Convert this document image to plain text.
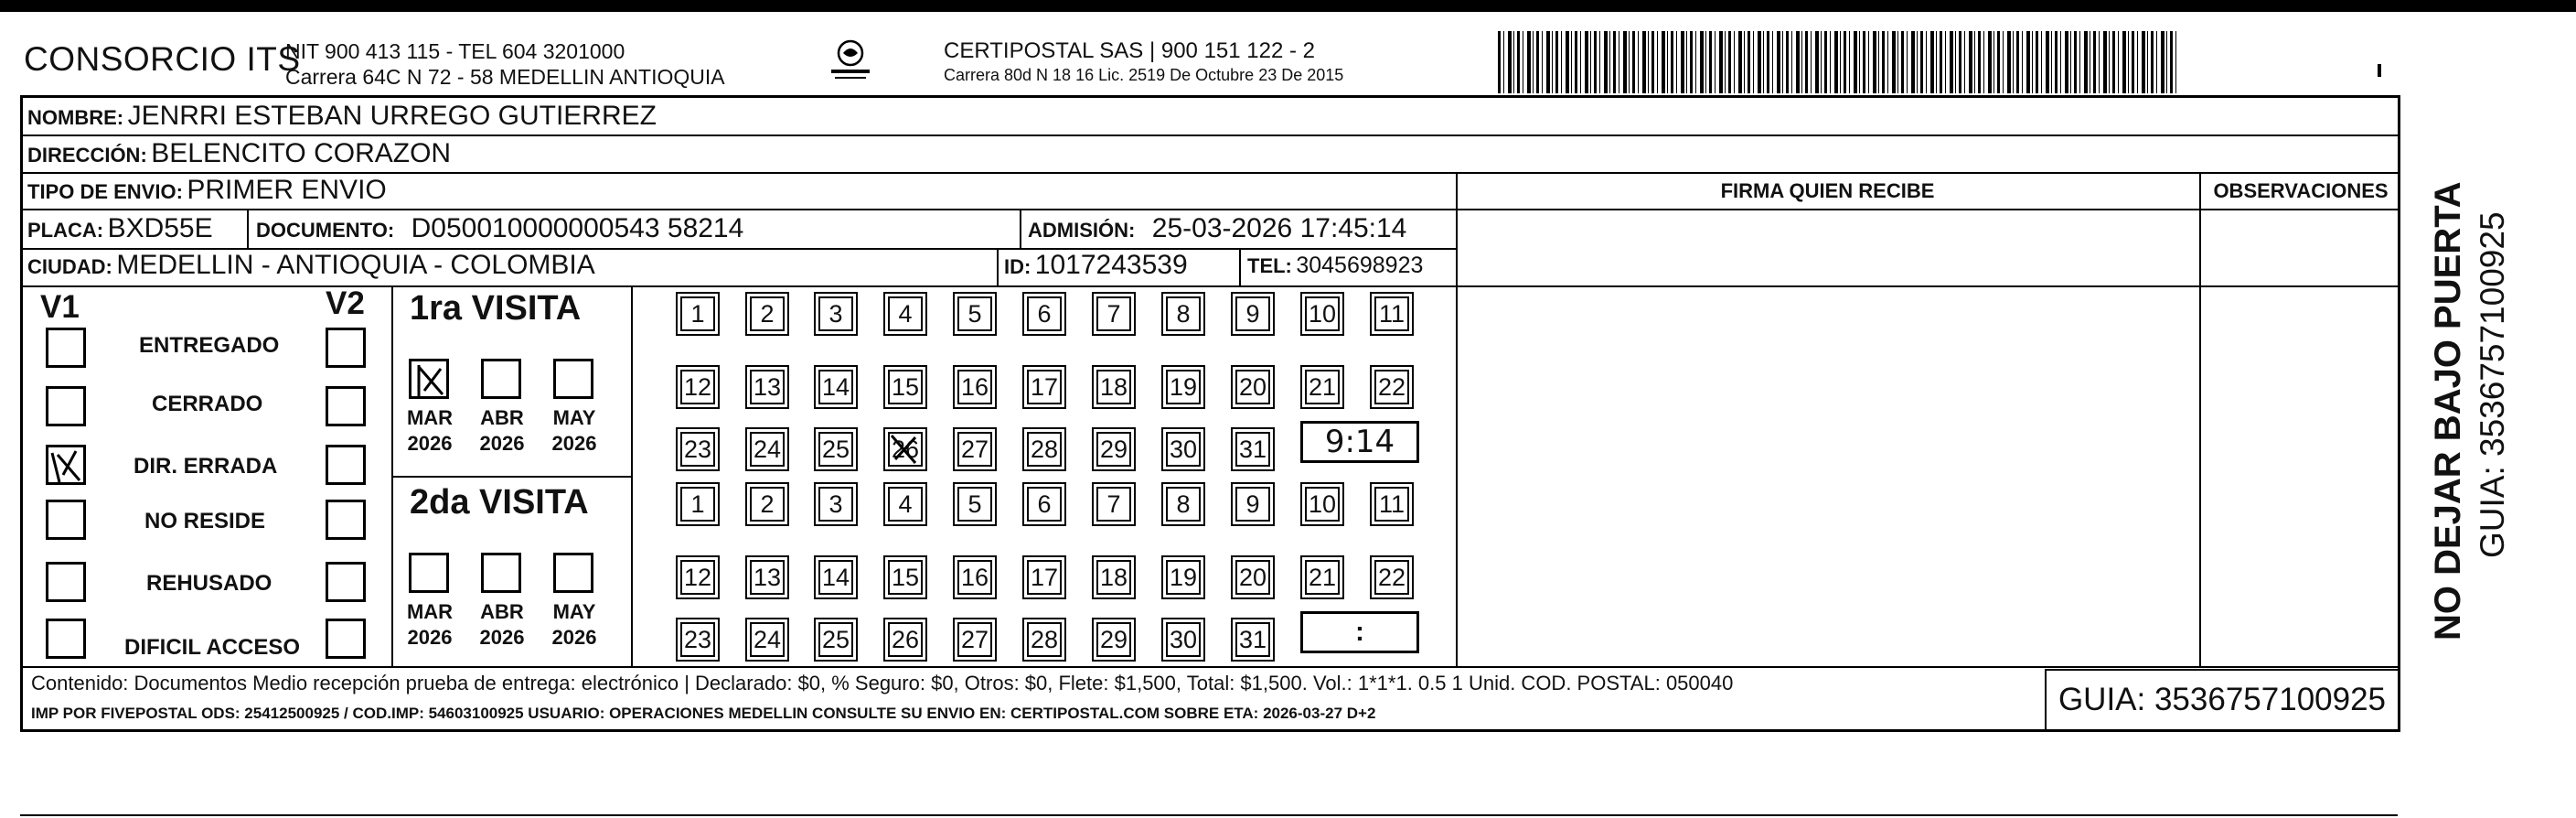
CONSORCIO ITS
NIT 900 413 115 - TEL 604 3201000
Carrera 64C N 72 - 58 MEDELLIN ANTIOQUIA
CERTIPOSTAL SAS | 900 151 122 - 2
Carrera 80d N 18 16 Lic. 2519 De Octubre 23 De 2015
NOMBRE: JENRRI ESTEBAN URREGO GUTIERREZ
DIRECCIÓN: BELENCITO CORAZON
TIPO DE ENVIO: PRIMER ENVIO
PLACA: BXD55E DOCUMENTO: D050010000000543 58214	ADMISIÓN: 25-03-2026 17:45:14
CIUDAD: MEDELLIN - ANTIOQUIA - COLOMBIA	ID: 1017243539	TEL: 3045698923
FIRMA QUIEN RECIBE	OBSERVACIONES
V1	V2
ENTREGADO
CERRADO
DIR. ERRADA
NO RESIDE
REHUSADO
DIFICIL ACCESO
1ra VISITA
MAR ABR MAY
2026 2026 2026
2da VISITA
MAR ABR MAY
2026 2026 2026
1	2	3	4	5	6	7	8	9	10 11
12 13 14 15 16 17 18 19 20 21 22
23 24 25 26 27 28 29 30 31
1	2	3	4	5	6	7	8	9	10 11
12 13 14 15 16 17 18 19 20 21 22
23 24 25 26 27 28 29 30 31
9:14
:
Contenido: Documentos Medio recepción prueba de entrega: electrónico | Declarado: $0, % Seguro: $0, Otros: $0, Flete: $1,500, Total: $1,500. Vol.: 1*1*1. 0.5 1 Unid. COD. POSTAL: 050040
IMP POR FIVEPOSTAL ODS: 25412500925 / COD.IMP: 54603100925 USUARIO: OPERACIONES MEDELLIN CONSULTE SU ENVIO EN: CERTIPOSTAL.COM SOBRE ETA: 2026-03-27 D+2	GUIA: 3536757100925
NO DEJAR BAJO PUERTA GUIA: 3536757100925
